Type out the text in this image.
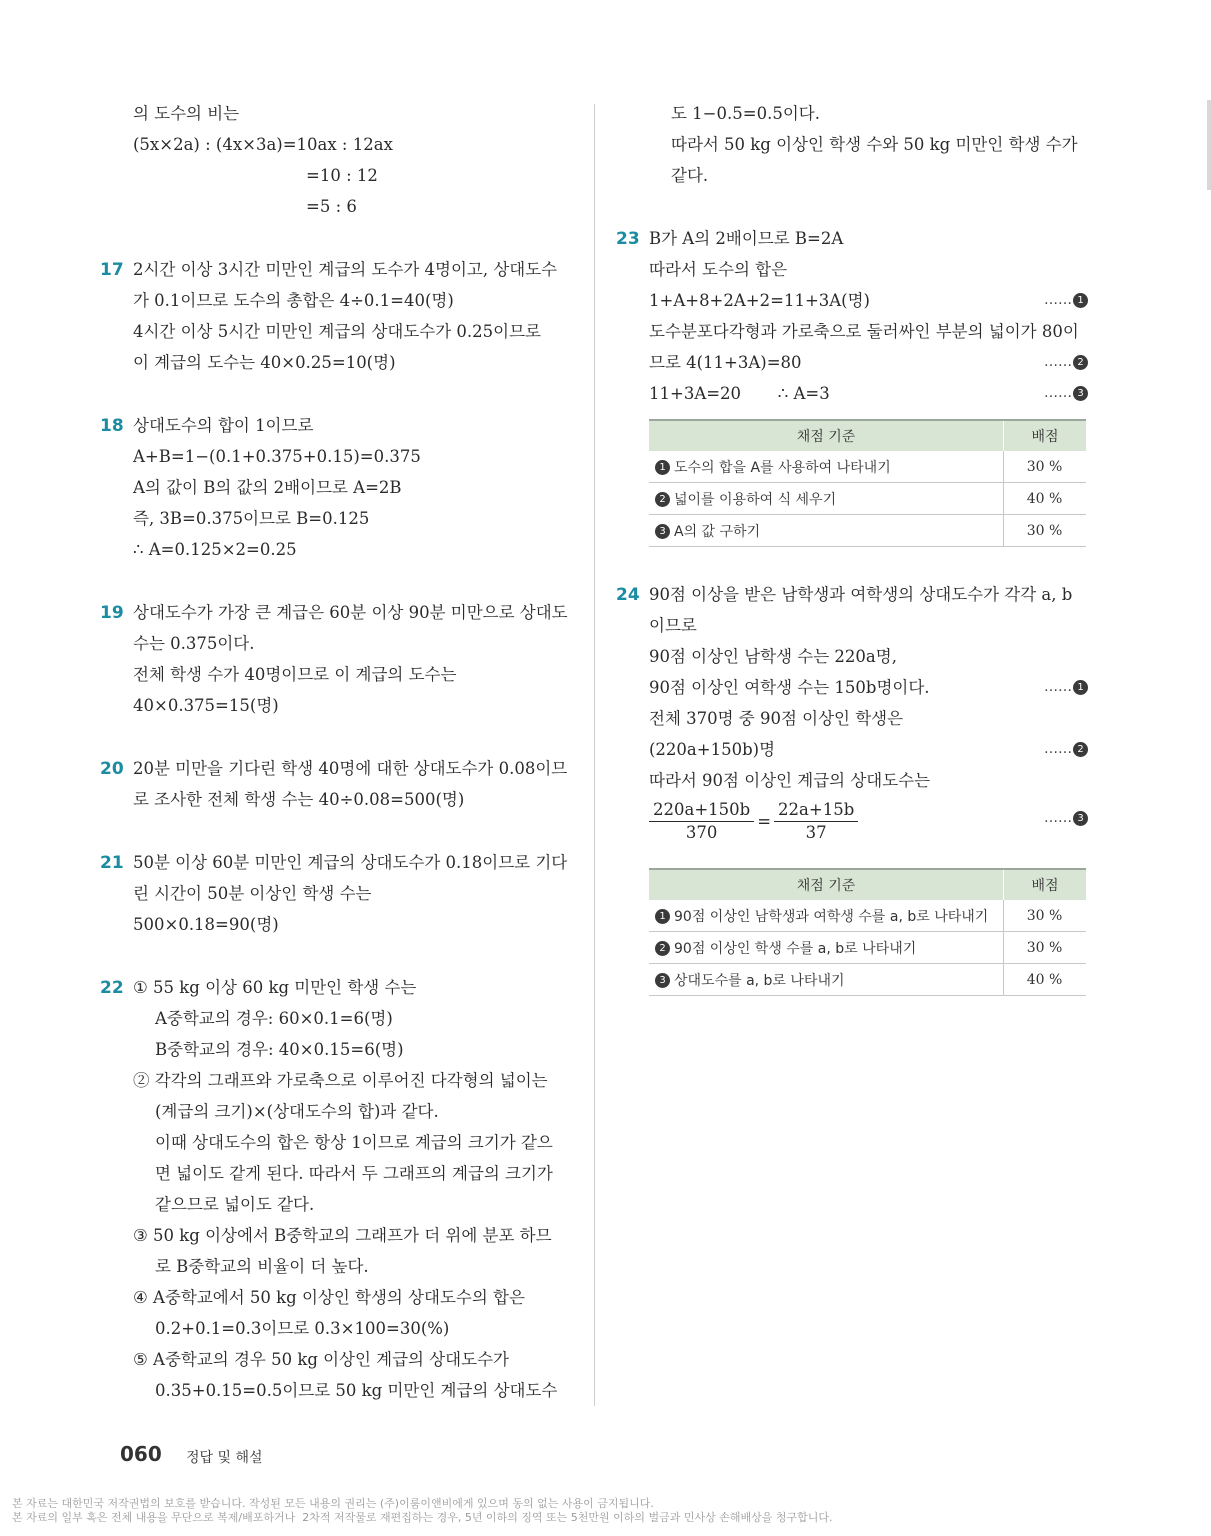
의 도수의 비는
(5x×2a) : (4x×3a)=10ax : 12ax
=10 : 12
=5 : 6
17 2시간 이상 3시간 미만인 계급의 도수가 4명이고, 상대도수
가 0.1이므로 도수의 총합은 4÷0.1=40(명)
4시간 이상 5시간 미만인 계급의 상대도수가 0.25이므로
이 계급의 도수는 40×0.25=10(명)
18 상대도수의 합이 1이므로
A+B=1−(0.1+0.375+0.15)=0.375
A의 값이 B의 값의 2배이므로 A=2B
즉, 3B=0.375이므로 B=0.125
∴ A=0.125×2=0.25
19 상대도수가 가장 큰 계급은 60분 이상 90분 미만으로 상대도
수는 0.375이다.
전체 학생 수가 40명이므로 이 계급의 도수는
40×0.375=15(명)
20 20분 미만을 기다린 학생 40명에 대한 상대도수가 0.08이므
로 조사한 전체 학생 수는 40÷0.08=500(명)
21 50분 이상 60분 미만인 계급의 상대도수가 0.18이므로 기다
린 시간이 50분 이상인 학생 수는
500×0.18=90(명)
22 ① 55 kg 이상 60 kg 미만인 학생 수는
A중학교의 경우: 60×0.1=6(명)
B중학교의 경우: 40×0.15=6(명)
② 각각의 그래프와 가로축으로 이루어진 다각형의 넓이는
(계급의 크기)×(상대도수의 합)과 같다.
이때 상대도수의 합은 항상 1이므로 계급의 크기가 같으
면 넓이도 같게 된다. 따라서 두 그래프의 계급의 크기가
같으므로 넓이도 같다.
③ 50 kg 이상에서 B중학교의 그래프가 더 위에 분포 하므
로 B중학교의 비율이 더 높다.
④ A중학교에서 50 kg 이상인 학생의 상대도수의 합은
0.2+0.1=0.3이므로 0.3×100=30(%)
⑤ A중학교의 경우 50 kg 이상인 계급의 상대도수가
0.35+0.15=0.5이므로 50 kg 미만인 계급의 상대도수
도 1−0.5=0.5이다.
따라서 50 kg 이상인 학생 수와 50 kg 미만인 학생 수가
같다.
23 B가 A의 2배이므로 B=2A
따라서 도수의 합은
1+A+8+2A+2=11+3A(명)	…… 1
도수분포다각형과 가로축으로 둘러싸인 부분의 넓이가 80이
므로 4(11+3A)=80	…… 2
11+3A=20       ∴ A=3	…… 3
채점 기준	배점
1 도수의 합을 A를 사용하여 나타내기	30 %
2 넓이를 이용하여 식 세우기	40 %
3 A의 값 구하기	30 %
24 90점 이상을 받은 남학생과 여학생의 상대도수가 각각 a, b
이므로
90점 이상인 남학생 수는 220a명,
90점 이상인 여학생 수는 150b명이다.	…… 1
전체 370명 중 90점 이상인 학생은
(220a+150b)명	…… 2
따라서 90점 이상인 계급의 상대도수는
$\frac{220a+150b}{370} = \frac{22a+15b}{37}$	…… 3
채점 기준	배점
1 90점 이상인 남학생과 여학생 수를 a, b로 나타내기	30 %
2 90점 이상인 학생 수를 a, b로 나타내기	30 %
3 상대도수를 a, b로 나타내기	40 %
060 정답 및 해설
본 자료는 대한민국 저작권법의 보호를 받습니다. 작성된 모든 내용의 권리는 (주)이룸이앤비에게 있으며 동의 없는 사용이 금지됩니다.
본 자료의 일부 혹은 전체 내용을 무단으로 복제/배포하거나  2차적 저작물로 재편집하는 경우, 5년 이하의 징역 또는 5천만원 이하의 벌금과 민사상 손해배상을 청구합니다.
